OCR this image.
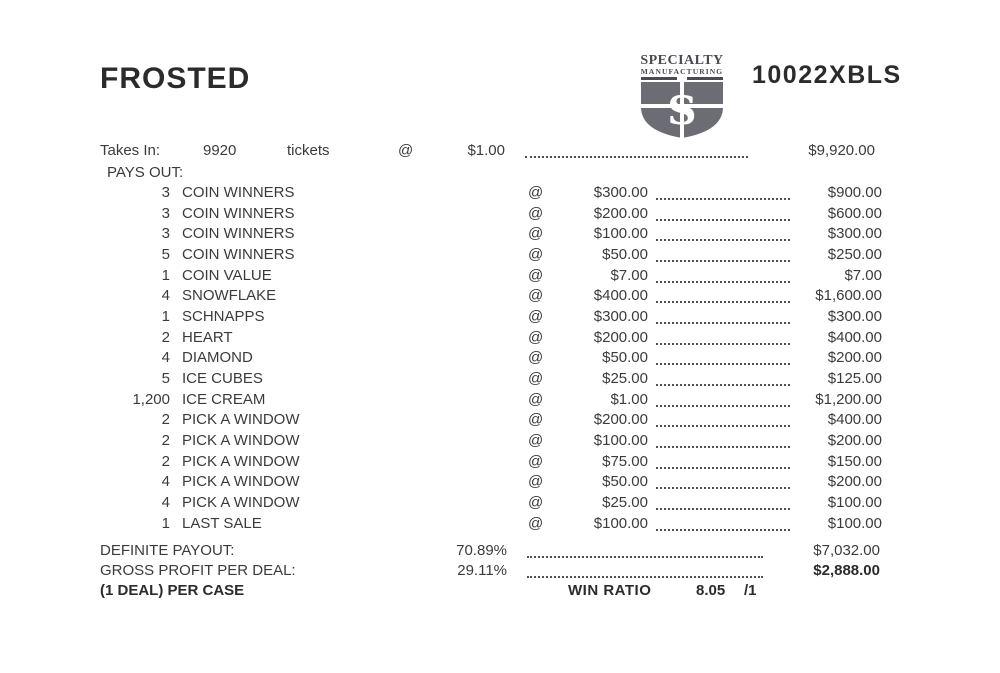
FROSTED
SPECIALTY
MANUFACTURING
$
10022XBLS
Takes In:	9920	tickets	@	$1.00	$9,920.00
PAYS OUT:
3 COIN WINNERS	@	$300.00	$900.00
3 COIN WINNERS	@	$200.00	$600.00
3 COIN WINNERS	@	$100.00	$300.00
5 COIN WINNERS	@	$50.00	$250.00
1 COIN VALUE	@	$7.00	$7.00
4 SNOWFLAKE	@	$400.00	$1,600.00
1 SCHNAPPS	@	$300.00	$300.00
2 HEART	@	$200.00	$400.00
4 DIAMOND	@	$50.00	$200.00
5 ICE CUBES	@	$25.00	$125.00
1,200 ICE CREAM	@	$1.00	$1,200.00
2 PICK A WINDOW	@	$200.00	$400.00
2 PICK A WINDOW	@	$100.00	$200.00
2 PICK A WINDOW	@	$75.00	$150.00
4 PICK A WINDOW	@	$50.00	$200.00
4 PICK A WINDOW	@	$25.00	$100.00
1 LAST SALE	@	$100.00	$100.00
DEFINITE PAYOUT:	70.89%	$7,032.00
GROSS PROFIT PER DEAL:	29.11%	$2,888.00
(1 DEAL) PER CASE	WIN RATIO	8.05 /1
